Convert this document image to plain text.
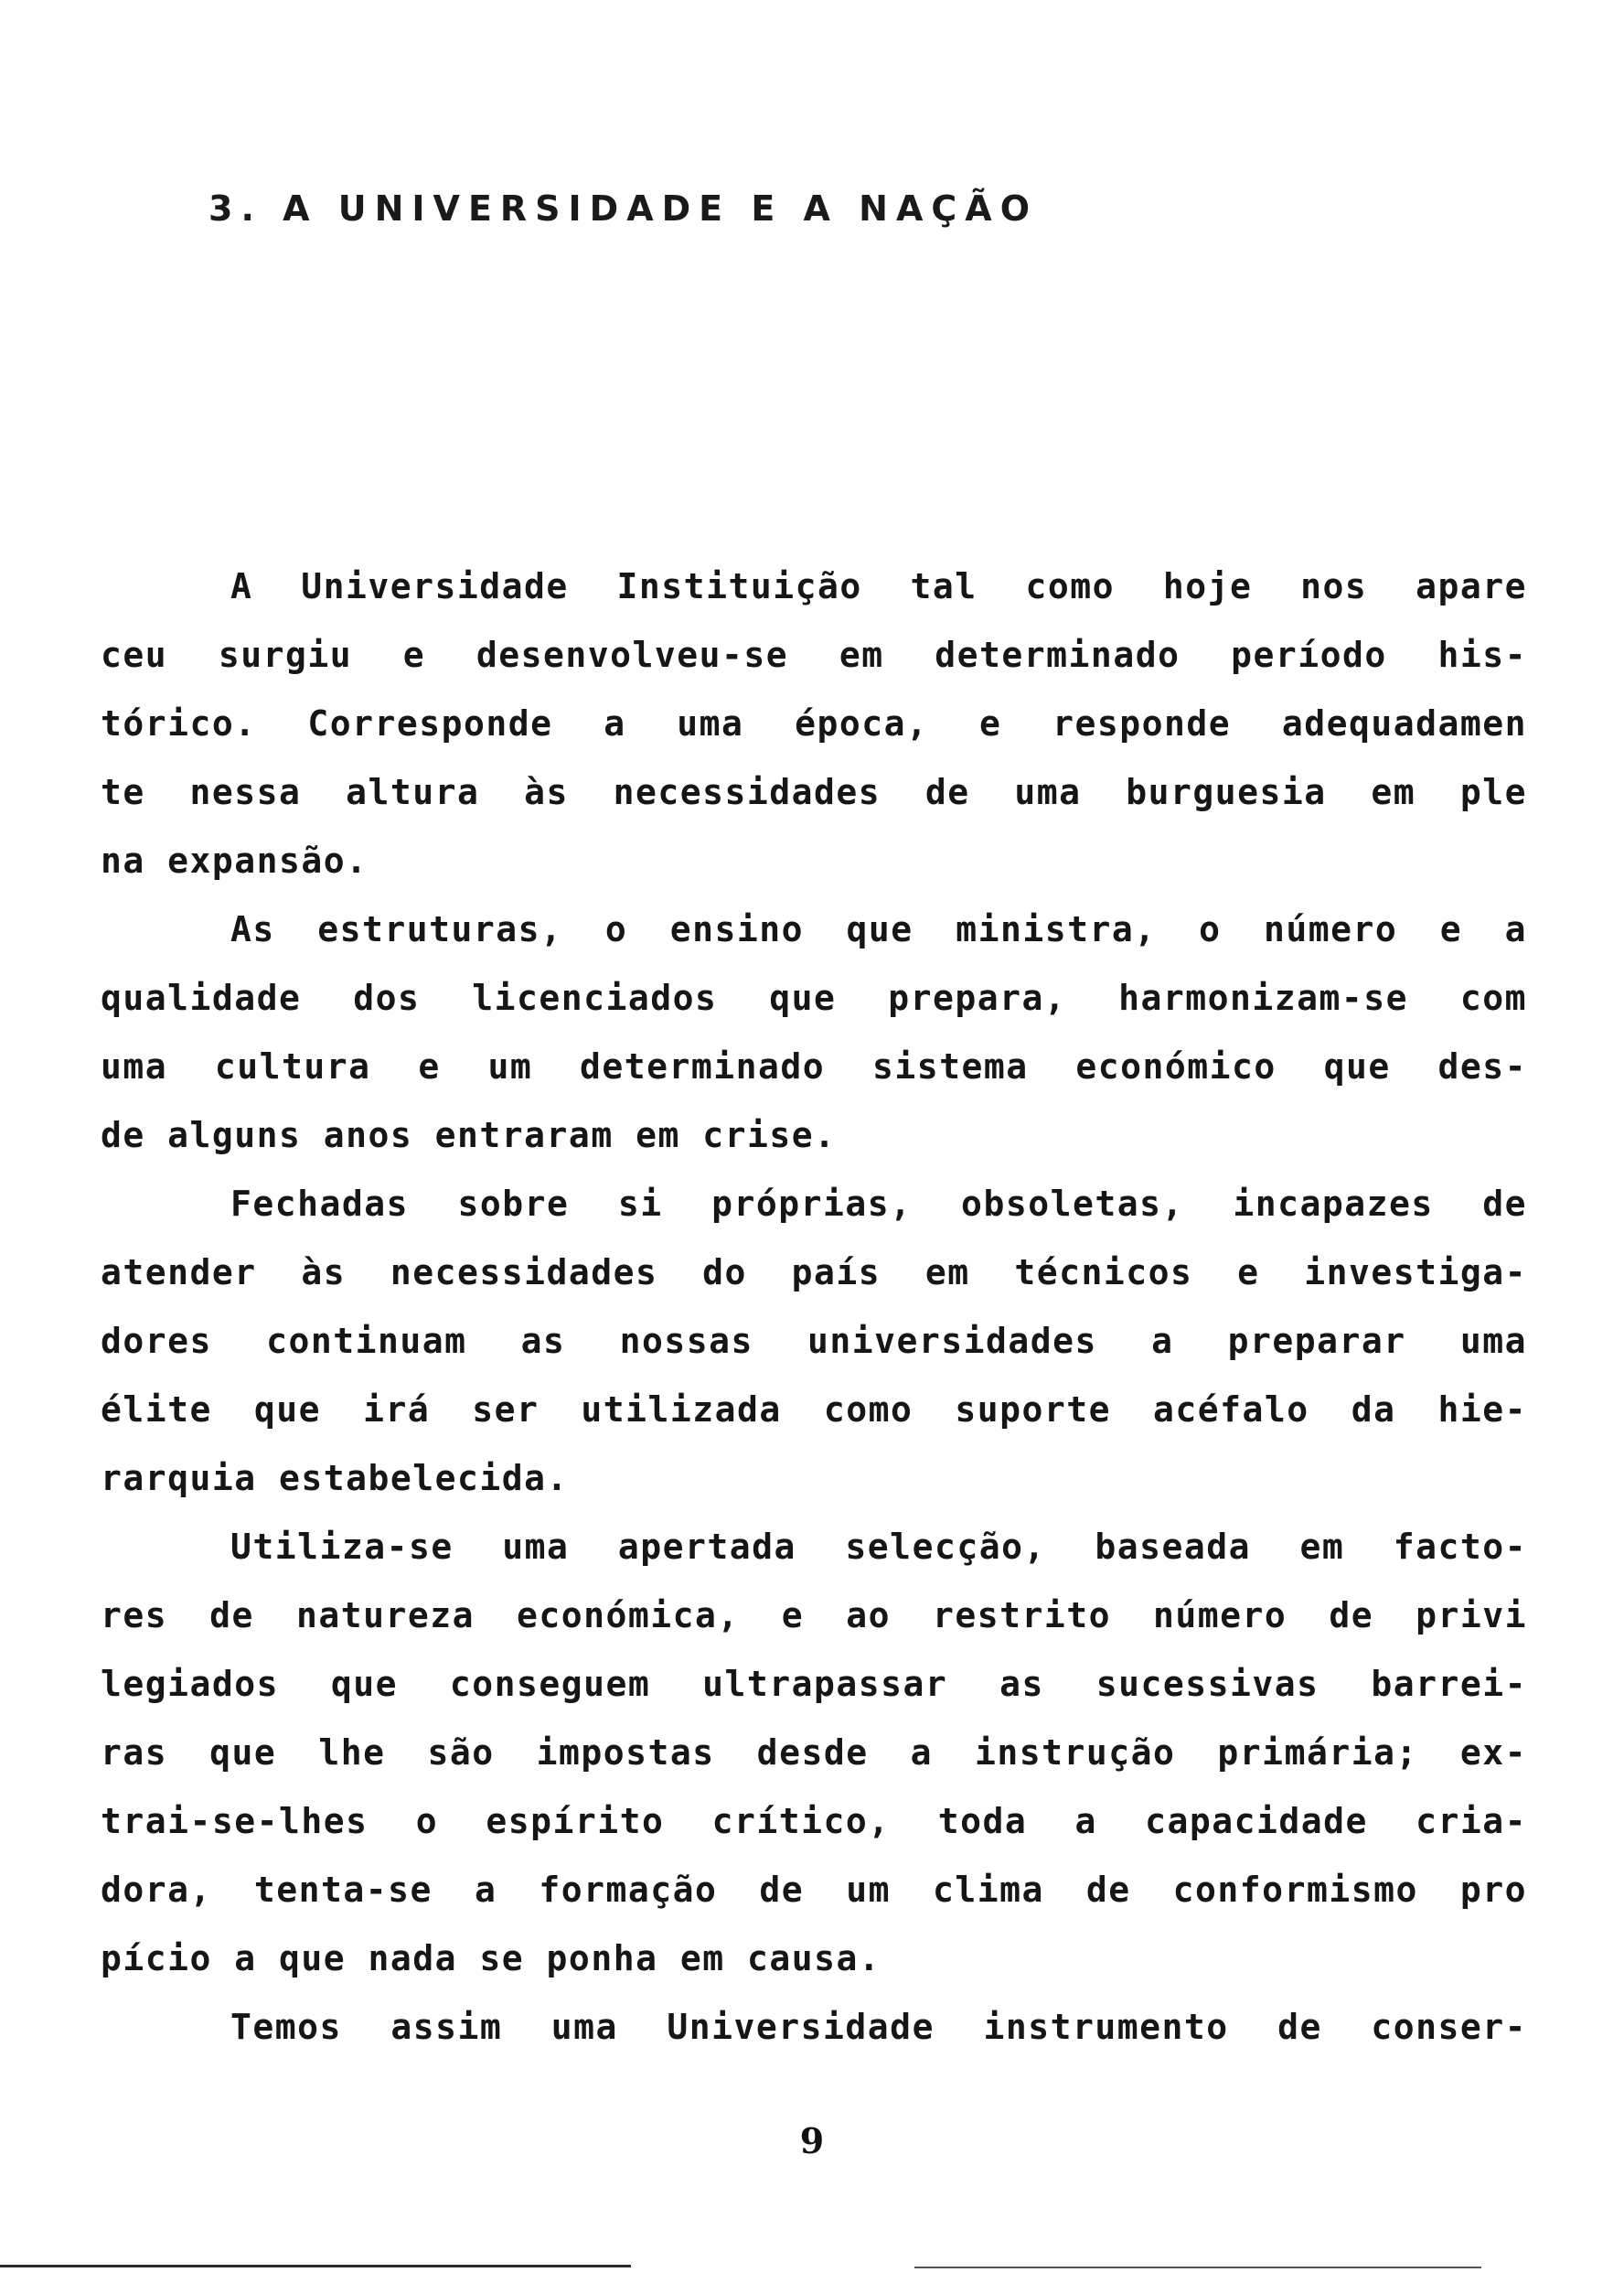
3. A UNIVERSIDADE E A NAÇÃO
A Universidade Instituição tal como hoje nos apare
ceu surgiu e desenvolveu-se em determinado período his-
tórico. Corresponde a uma época, e responde adequadamen
te nessa altura às necessidades de uma burguesia em ple
na expansão.
As estruturas, o ensino que ministra, o número e a
qualidade dos licenciados que prepara, harmonizam-se com
uma cultura e um determinado sistema económico que des-
de alguns anos entraram em crise.
Fechadas sobre si próprias, obsoletas, incapazes de
atender às necessidades do país em técnicos e investiga-
dores continuam as nossas universidades a preparar uma
élite que irá ser utilizada como suporte acéfalo da hie-
rarquia estabelecida.
Utiliza-se uma apertada selecção, baseada em facto-
res de natureza económica, e ao restrito número de privi
legiados que conseguem ultrapassar as sucessivas barrei-
ras que lhe são impostas desde a instrução primária; ex-
trai-se-lhes o espírito crítico, toda a capacidade cria-
dora, tenta-se a formação de um clima de conformismo pro
pício a que nada se ponha em causa.
Temos assim uma Universidade instrumento de conser-
9
